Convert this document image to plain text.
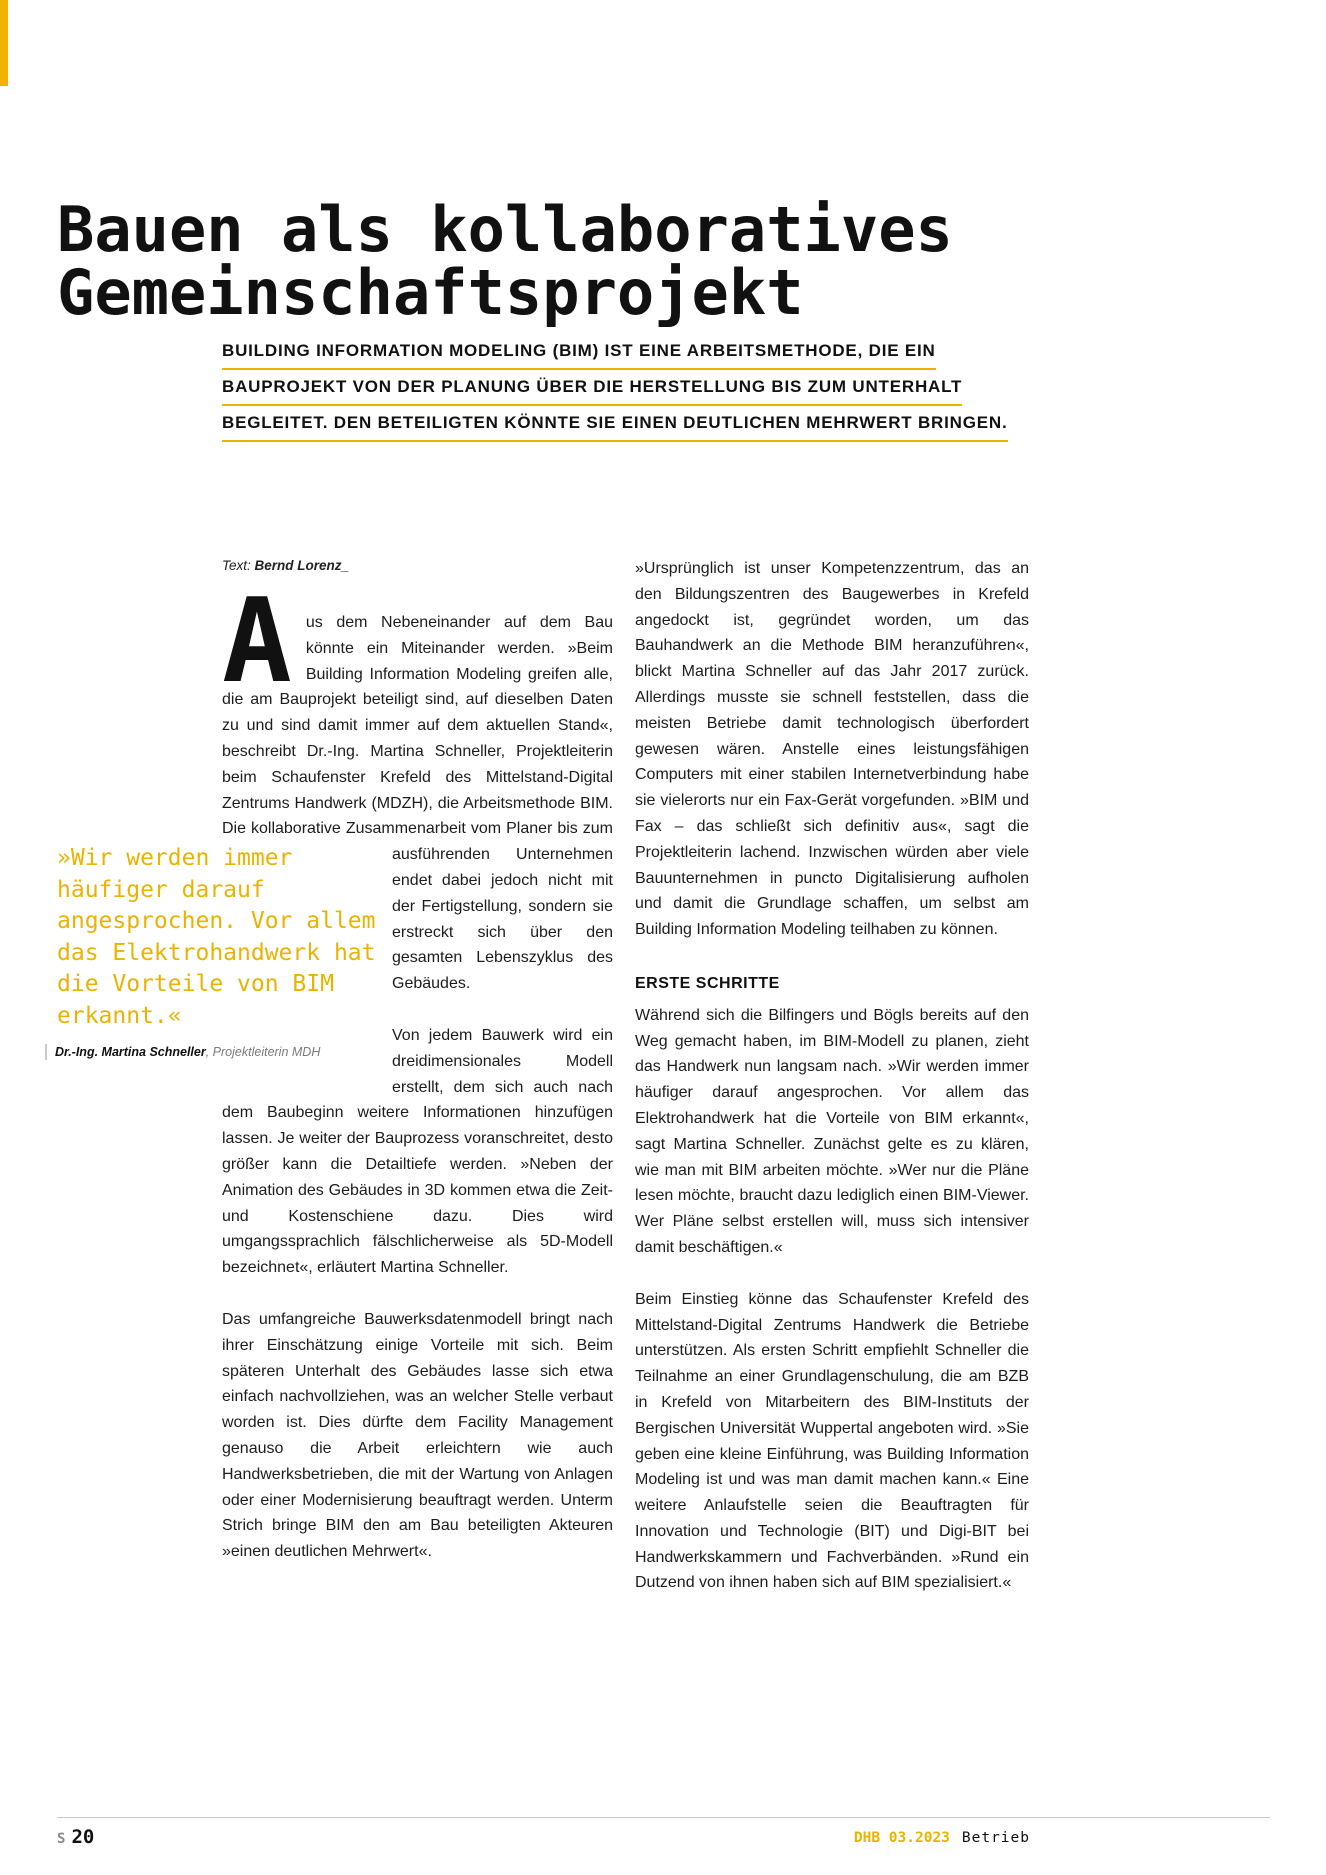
Bauen als kollaboratives
Gemeinschaftsprojekt
BUILDING INFORMATION MODELING (BIM) IST EINE ARBEITSMETHODE, DIE EIN
BAUPROJEKT VON DER PLANUNG ÜBER DIE HERSTELLUNG BIS ZUM UNTERHALT
BEGLEITET. DEN BETEILIGTEN KÖNNTE SIE EINEN DEUTLICHEN MEHRWERT BRINGEN.
Text: Bernd Lorenz_

Aus dem Nebeneinander auf dem Bau könnte ein Miteinander werden. »Beim Building Information Modeling greifen alle, die am Bauprojekt beteiligt sind, auf dieselben Daten zu und sind damit immer auf dem aktuellen Stand«, beschreibt Dr.-Ing. Martina Schneller, Projektleiterin beim Schaufenster Krefeld des Mittelstand-Digital Zentrums Handwerk (MDZH), die Arbeitsmethode BIM. Die kollaborative Zusammenarbeit vom Planer bis zum ausführenden Unternehmen endet dabei jedoch nicht mit der Fertigstellung, sondern sie erstreckt sich über den gesamten Lebenszyklus des Gebäudes.

Von jedem Bauwerk wird ein dreidimensionales Modell erstellt, dem sich auch nach dem Baubeginn weitere Informationen hinzufügen lassen. Je weiter der Bauprozess voranschreitet, desto größer kann die Detailtiefe werden. »Neben der Animation des Gebäudes in 3D kommen etwa die Zeit- und Kostenschiene dazu. Dies wird umgangssprachlich fälschlicherweise als 5D-Modell bezeichnet«, erläutert Martina Schneller.

Das umfangreiche Bauwerksdatenmodell bringt nach ihrer Einschätzung einige Vorteile mit sich. Beim späteren Unterhalt des Gebäudes lasse sich etwa einfach nachvollziehen, was an welcher Stelle verbaut worden ist. Dies dürfte dem Facility Management genauso die Arbeit erleichtern wie auch Handwerksbetrieben, die mit der Wartung von Anlagen oder einer Modernisierung beauftragt werden. Unterm Strich bringe BIM den am Bau beteiligten Akteuren »einen deutlichen Mehrwert«.

»Ursprünglich ist unser Kompetenzzentrum, das an den Bildungszentren des Baugewerbes in Krefeld angedockt ist, gegründet worden, um das Bauhandwerk an die Methode BIM heranzuführen«, blickt Martina Schneller auf das Jahr 2017 zurück. Allerdings musste sie schnell feststellen, dass die meisten Betriebe damit technologisch überfordert gewesen wären. Anstelle eines leistungsfähigen Computers mit einer stabilen Internetverbindung habe sie vielerorts nur ein Fax-Gerät vorgefunden. »BIM und Fax – das schließt sich definitiv aus«, sagt die Projektleiterin lachend. Inzwischen würden aber viele Bauunternehmen in puncto Digitalisierung aufholen und damit die Grundlage schaffen, um selbst am Building Information Modeling teilhaben zu können.

ERSTE SCHRITTE

Während sich die Bilfingers und Bögls bereits auf den Weg gemacht haben, im BIM-Modell zu planen, zieht das Handwerk nun langsam nach. »Wir werden immer häufiger darauf angesprochen. Vor allem das Elektrohandwerk hat die Vorteile von BIM erkannt«, sagt Martina Schneller. Zunächst gelte es zu klären, wie man mit BIM arbeiten möchte. »Wer nur die Pläne lesen möchte, braucht dazu lediglich einen BIM-Viewer. Wer Pläne selbst erstellen will, muss sich intensiver damit beschäftigen.«

Beim Einstieg könne das Schaufenster Krefeld des Mittelstand-Digital Zentrums Handwerk die Betriebe unterstützen. Als ersten Schritt empfiehlt Schneller die Teilnahme an einer Grundlagenschulung, die am BZB in Krefeld von Mitarbeitern des BIM-Instituts der Bergischen Universität Wuppertal angeboten wird. »Sie geben eine kleine Einführung, was Building Information Modeling ist und was man damit machen kann.« Eine weitere Anlaufstelle seien die Beauftragten für Innovation und Technologie (BIT) und Digi-BIT bei Handwerkskammern und Fachverbänden. »Rund ein Dutzend von ihnen haben sich auf BIM spezialisiert.«

»Wir werden immer häufiger darauf angesprochen. Vor allem das Elektrohandwerk hat die Vorteile von BIM erkannt.«
Dr.-Ing. Martina Schneller, Projektleiterin MDH
S 20	DHB 03.2023 Betrieb
